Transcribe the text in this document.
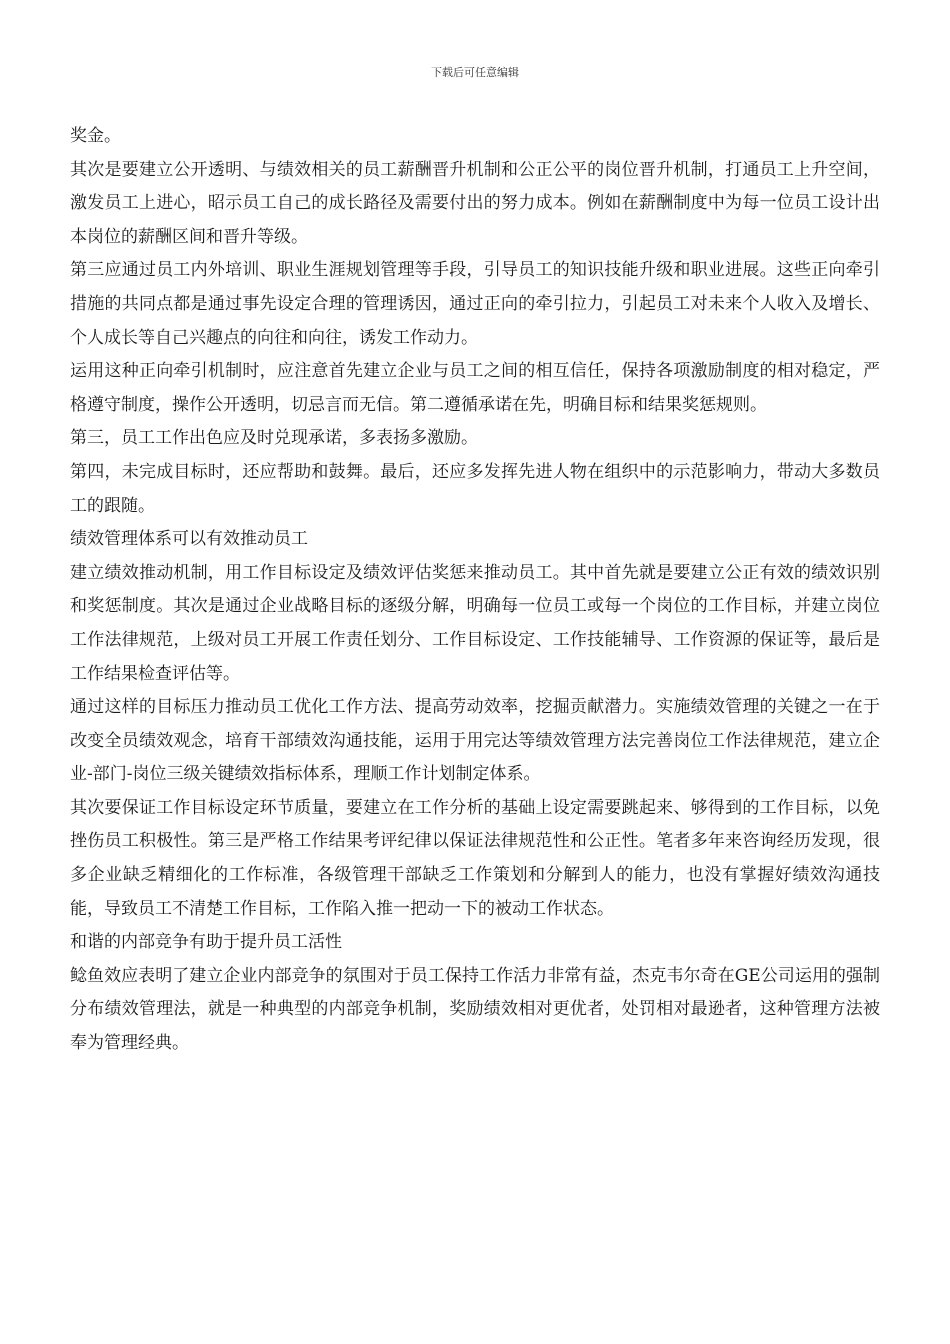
下载后可任意编辑

奖金。

其次是要建立公开透明、与绩效相关的员工薪酬晋升机制和公正公平的岗位晋升机制，打通员工上升空间，激发员工上进心，昭示员工自己的成长路径及需要付出的努力成本。例如在薪酬制度中为每一位员工设计出本岗位的薪酬区间和晋升等级。

第三应通过员工内外培训、职业生涯规划管理等手段，引导员工的知识技能升级和职业进展。这些正向牵引措施的共同点都是通过事先设定合理的管理诱因，通过正向的牵引拉力，引起员工对未来个人收入及增长、个人成长等自己兴趣点的向往和向往，诱发工作动力。

运用这种正向牵引机制时，应注意首先建立企业与员工之间的相互信任，保持各项激励制度的相对稳定，严格遵守制度，操作公开透明，切忌言而无信。第二遵循承诺在先，明确目标和结果奖惩规则。

第三，员工工作出色应及时兑现承诺，多表扬多激励。

第四，未完成目标时，还应帮助和鼓舞。最后，还应多发挥先进人物在组织中的示范影响力，带动大多数员工的跟随。

绩效管理体系可以有效推动员工

建立绩效推动机制，用工作目标设定及绩效评估奖惩来推动员工。其中首先就是要建立公正有效的绩效识别和奖惩制度。其次是通过企业战略目标的逐级分解，明确每一位员工或每一个岗位的工作目标，并建立岗位工作法律规范，上级对员工开展工作责任划分、工作目标设定、工作技能辅导、工作资源的保证等，最后是工作结果检查评估等。

通过这样的目标压力推动员工优化工作方法、提高劳动效率，挖掘贡献潜力。实施绩效管理的关键之一在于改变全员绩效观念，培育干部绩效沟通技能，运用于用完达等绩效管理方法完善岗位工作法律规范，建立企业-部门-岗位三级关键绩效指标体系，理顺工作计划制定体系。

其次要保证工作目标设定环节质量，要建立在工作分析的基础上设定需要跳起来、够得到的工作目标，以免挫伤员工积极性。第三是严格工作结果考评纪律以保证法律规范性和公正性。笔者多年来咨询经历发现，很多企业缺乏精细化的工作标准，各级管理干部缺乏工作策划和分解到人的能力，也没有掌握好绩效沟通技能，导致员工不清楚工作目标，工作陷入推一把动一下的被动工作状态。

和谐的内部竞争有助于提升员工活性

鲶鱼效应表明了建立企业内部竞争的氛围对于员工保持工作活力非常有益，杰克韦尔奇在GE公司运用的强制分布绩效管理法，就是一种典型的内部竞争机制，奖励绩效相对更优者，处罚相对最逊者，这种管理方法被奉为管理经典。
